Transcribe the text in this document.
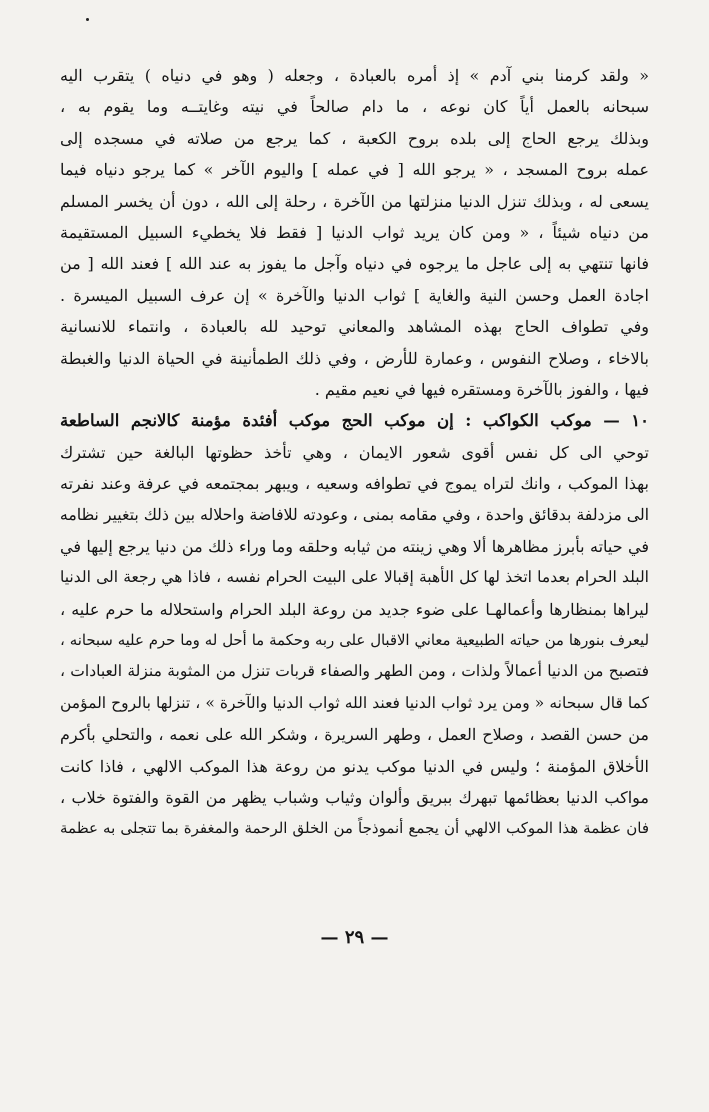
« ولقد كرمنا بني آدم » إذ أمره بالعبادة ، وجعله ( وهو في دنياه ) يتقرب اليه
سبحانه بالعمل أياً كان نوعه ، ما دام صالحاً في نيته وغايتــه وما يقوم به ،
وبذلك يرجع الحاج إلى بلده بروح الكعبة ، كما يرجع من صلاته في مسجده إلى
عمله بروح المسجد ، « يرجو الله [ في عمله ] واليوم الآخر » كما يرجو دنياه فيما
يسعى له ، وبذلك تنزل الدنيا منزلتها من الآخرة ، رحلة إلى الله ، دون أن يخسر المسلم
من دنياه شيئاً ، « ومن كان يريد ثواب الدنيا [ فقط فلا يخطيء السبيل المستقيمة
فانها تنتهي به إلى عاجل ما يرجوه في دنياه وآجل ما يفوز به عند الله ] فعند الله [ من
اجادة العمل وحسن النية والغاية ] ثواب الدنيا والآخرة » إن عرف السبيل الميسرة .
وفي تطواف الحاج بهذه المشاهد والمعاني توحيد لله بالعبادة ، وانتماء للانسانية
بالاخاء ، وصلاح النفوس ، وعمارة للأرض ، وفي ذلك الطمأنينة في الحياة الدنيا والغبطة
فيها ، والفوز بالآخرة ومستقره فيها في نعيم مقيم .
١٠ — موكب الكواكب : إن موكب الحج موكب أفئدة مؤمنة كالانجم الساطعة
توحي الى كل نفس أقوى شعور الايمان ، وهي تأخذ حظوتها البالغة حين تشترك
بهذا الموكب ، وانك لتراه يموج في تطوافه وسعيه ، ويبهر بمجتمعه في عرفة وعند نفرته
الى مزدلفة بدقائق واحدة ، وفي مقامه بمنى ، وعودته للافاضة واحلاله بين ذلك بتغيير نظامه
في حياته بأبرز مظاهرها ألا وهي زينته من ثيابه وحلقه وما وراء ذلك من دنيا يرجع إليها في
البلد الحرام بعدما اتخذ لها كل الأهبة إقبالا على البيت الحرام نفسه ، فاذا هي رجعة الى الدنيا
ليراها بمنظارها وأعمالهـا على ضوء جديد من روعة البلد الحرام واستحلاله ما حرم عليه ،
ليعرف بنورها من حياته الطبيعية معاني الاقبال على ربه وحكمة ما أحل له وما حرم عليه سبحانه ،
فتصبح من الدنيا أعمالاً ولذات ، ومن الطهر والصفاء قربات تنزل من المثوبة منزلة العبادات ،
كما قال سبحانه « ومن يرد ثواب الدنيا فعند الله ثواب الدنيا والآخرة » ، تنزلها بالروح المؤمن
من حسن القصد ، وصلاح العمل ، وطهر السريرة ، وشكر الله على نعمه ، والتحلي بأكرم
الأخلاق المؤمنة ؛ وليس في الدنيا موكب يدنو من روعة هذا الموكب الالهي ، فاذا كانت
مواكب الدنيا بعظائمها تبهرك ببريق وألوان وثياب وشباب يظهر من القوة والفتوة خلاب ،
فان عظمة هذا الموكب الالهي أن يجمع أنموذجاً من الخلق الرحمة والمغفرة بما تتجلى به عظمة
— ٢٩ —
